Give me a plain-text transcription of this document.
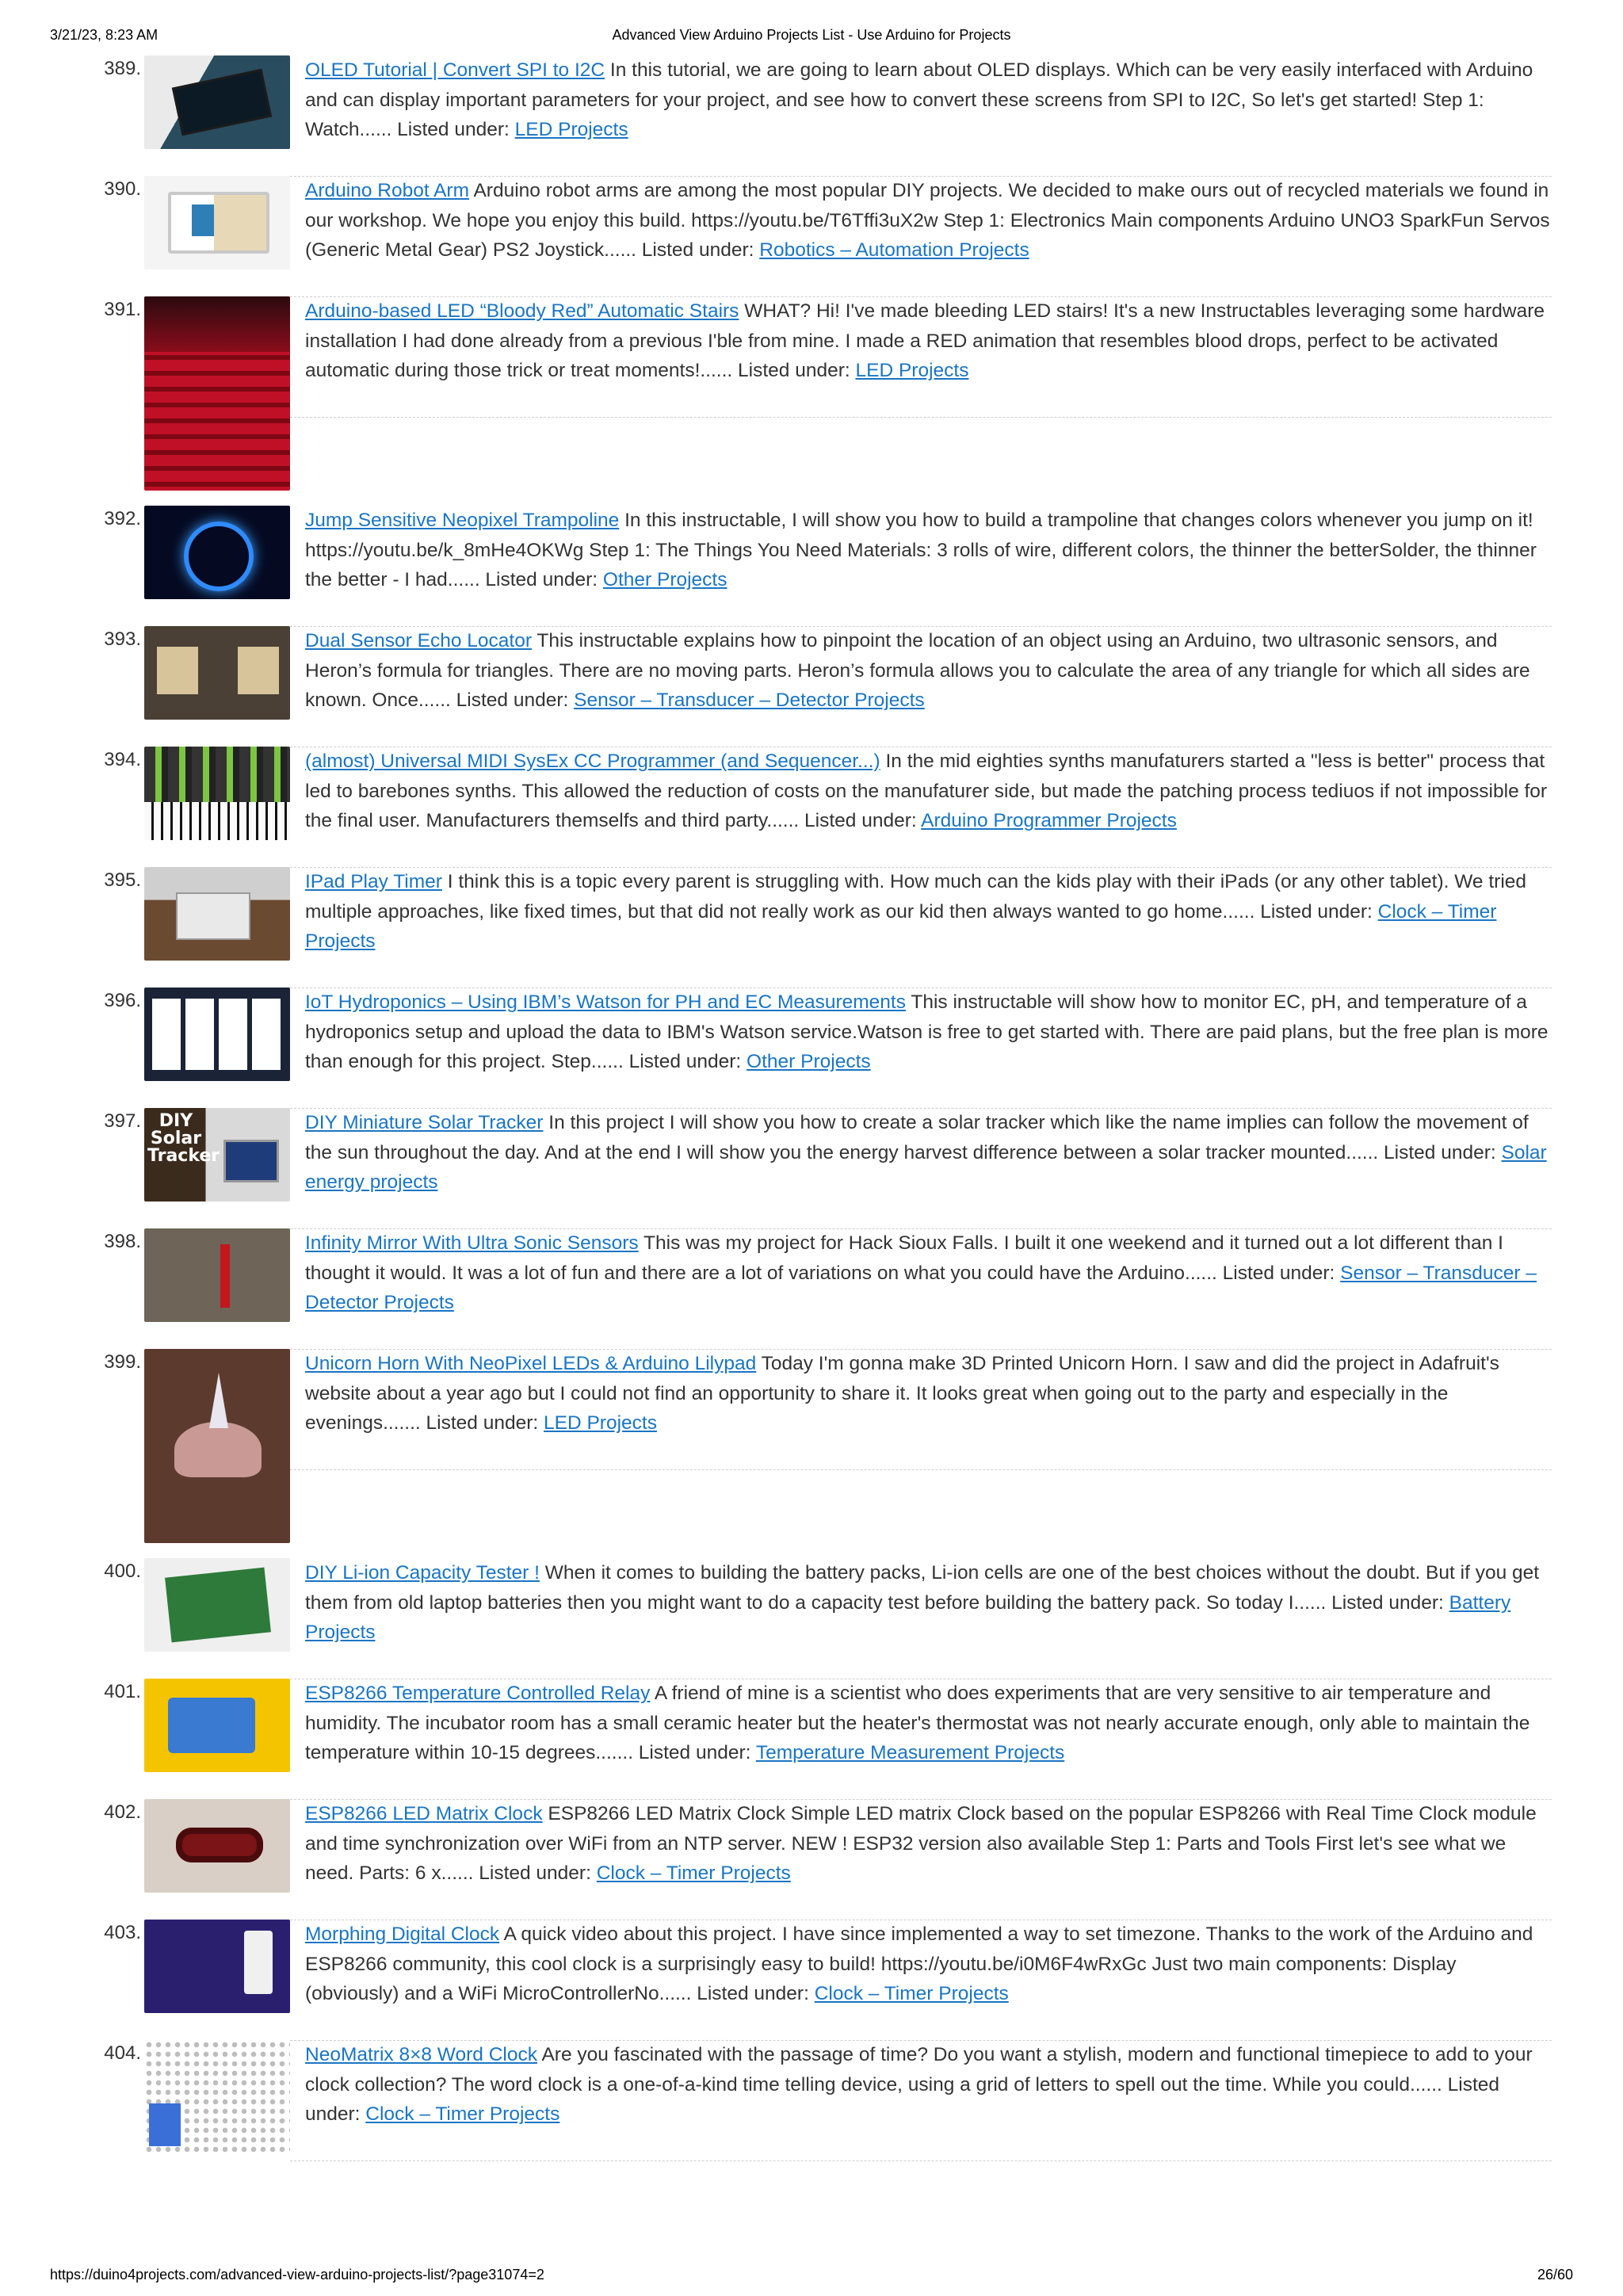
3/21/23, 8:23 AM	Advanced View Arduino Projects List - Use Arduino for Projects
389.	OLED Tutorial | Convert SPI to I2C In this tutorial, we are going to learn about OLED displays. Which can be very easily interfaced with Arduino and can display important parameters for your project, and see how to convert these screens from SPI to I2C, So let's get started! Step 1: Watch...... Listed under: LED Projects
390.	Arduino Robot Arm Arduino robot arms are among the most popular DIY projects. We decided to make ours out of recycled materials we found in our workshop. We hope you enjoy this build. https://youtu.be/T6Tffi3uX2w Step 1: Electronics Main components Arduino UNO3 SparkFun Servos (Generic Metal Gear) PS2 Joystick...... Listed under: Robotics – Automation Projects
391.	Arduino-based LED “Bloody Red” Automatic Stairs WHAT? Hi! I've made bleeding LED stairs! It's a new Instructables leveraging some hardware installation I had done already from a previous I'ble from mine. I made a RED animation that resembles blood drops, perfect to be activated automatic during those trick or treat moments!...... Listed under: LED Projects
392.	Jump Sensitive Neopixel Trampoline In this instructable, I will show you how to build a trampoline that changes colors whenever you jump on it! https://youtu.be/k_8mHe4OKWg Step 1: The Things You Need Materials: 3 rolls of wire, different colors, the thinner the betterSolder, the thinner the better - I had...... Listed under: Other Projects
393.	Dual Sensor Echo Locator This instructable explains how to pinpoint the location of an object using an Arduino, two ultrasonic sensors, and Heron’s formula for triangles. There are no moving parts. Heron’s formula allows you to calculate the area of any triangle for which all sides are known. Once...... Listed under: Sensor – Transducer – Detector Projects
394.	(almost) Universal MIDI SysEx CC Programmer (and Sequencer...) In the mid eighties synths manufaturers started a "less is better" process that led to barebones synths. This allowed the reduction of costs on the manufaturer side, but made the patching process tediuos if not impossible for the final user. Manufacturers themselfs and third party...... Listed under: Arduino Programmer Projects
395.	IPad Play Timer I think this is a topic every parent is struggling with. How much can the kids play with their iPads (or any other tablet). We tried multiple approaches, like fixed times, but that did not really work as our kid then always wanted to go home...... Listed under: Clock – Timer Projects
396.	IoT Hydroponics – Using IBM’s Watson for PH and EC Measurements This instructable will show how to monitor EC, pH, and temperature of a hydroponics setup and upload the data to IBM's Watson service.Watson is free to get started with. There are paid plans, but the free plan is more than enough for this project. Step...... Listed under: Other Projects
397.	DIY Solar Tracker
DIY Miniature Solar Tracker In this project I will show you how to create a solar tracker which like the name implies can follow the movement of the sun throughout the day. And at the end I will show you the energy harvest difference between a solar tracker mounted...... Listed under: Solar energy projects
398.	Infinity Mirror With Ultra Sonic Sensors This was my project for Hack Sioux Falls. I built it one weekend and it turned out a lot different than I thought it would. It was a lot of fun and there are a lot of variations on what you could have the Arduino...... Listed under: Sensor – Transducer – Detector Projects
399.	Unicorn Horn With NeoPixel LEDs & Arduino Lilypad Today I'm gonna make 3D Printed Unicorn Horn. I saw and did the project in Adafruit's website about a year ago but I could not find an opportunity to share it. It looks great when going out to the party and especially in the evenings....... Listed under: LED Projects
400.	DIY Li-ion Capacity Tester ! When it comes to building the battery packs, Li-ion cells are one of the best choices without the doubt. But if you get them from old laptop batteries then you might want to do a capacity test before building the battery pack. So today I...... Listed under: Battery Projects
401.	ESP8266 Temperature Controlled Relay A friend of mine is a scientist who does experiments that are very sensitive to air temperature and humidity. The incubator room has a small ceramic heater but the heater's thermostat was not nearly accurate enough, only able to maintain the temperature within 10-15 degrees....... Listed under: Temperature Measurement Projects
402.	ESP8266 LED Matrix Clock ESP8266 LED Matrix Clock Simple LED matrix Clock based on the popular ESP8266 with Real Time Clock module and time synchronization over WiFi from an NTP server. NEW ! ESP32 version also available Step 1: Parts and Tools First let's see what we need. Parts: 6 x...... Listed under: Clock – Timer Projects
403.	Morphing Digital Clock A quick video about this project. I have since implemented a way to set timezone. Thanks to the work of the Arduino and ESP8266 community, this cool clock is a surprisingly easy to build! https://youtu.be/i0M6F4wRxGc Just two main components: Display (obviously) and a WiFi MicroControllerNo...... Listed under: Clock – Timer Projects
404.	NeoMatrix 8×8 Word Clock Are you fascinated with the passage of time? Do you want a stylish, modern and functional timepiece to add to your clock collection? The word clock is a one-of-a-kind time telling device, using a grid of letters to spell out the time. While you could...... Listed under: Clock – Timer Projects
https://duino4projects.com/advanced-view-arduino-projects-list/?page31074=2	26/60
